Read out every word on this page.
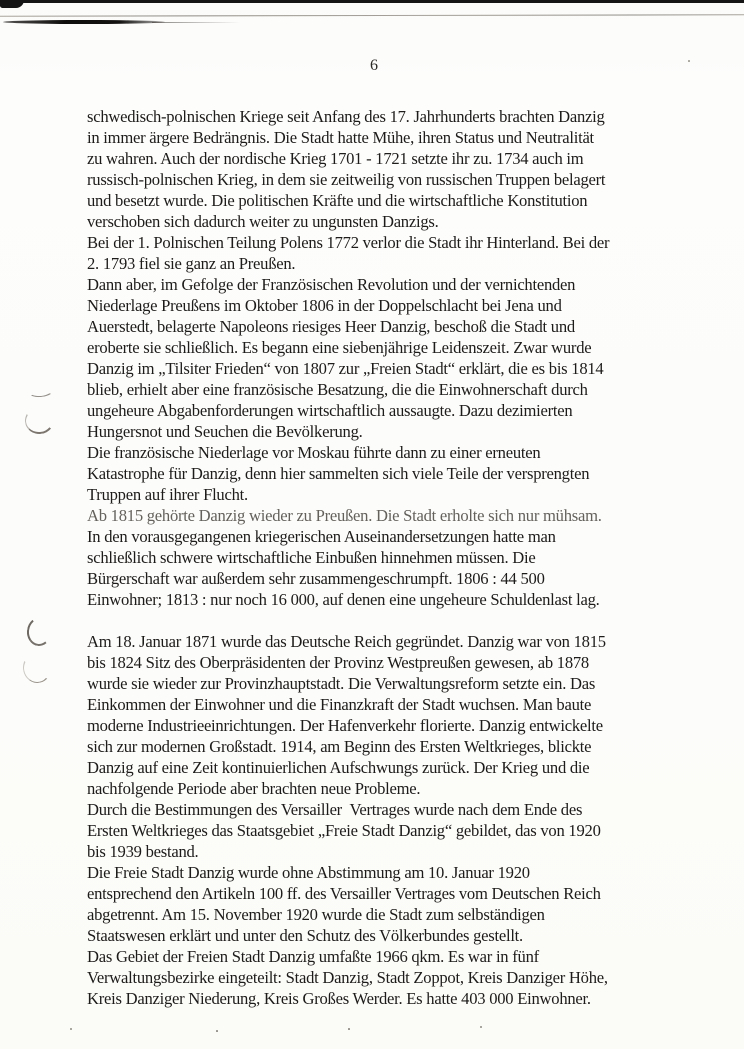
6
schwedisch-polnischen Kriege seit Anfang des 17. Jahrhunderts brachten Danzig
in immer ärgere Bedrängnis. Die Stadt hatte Mühe, ihren Status und Neutralität
zu wahren. Auch der nordische Krieg 1701 - 1721 setzte ihr zu. 1734 auch im
russisch-polnischen Krieg, in dem sie zeitweilig von russischen Truppen belagert
und besetzt wurde. Die politischen Kräfte und die wirtschaftliche Konstitution
verschoben sich dadurch weiter zu ungunsten Danzigs.
Bei der 1. Polnischen Teilung Polens 1772 verlor die Stadt ihr Hinterland. Bei der
2. 1793 fiel sie ganz an Preußen.
Dann aber, im Gefolge der Französischen Revolution und der vernichtenden
Niederlage Preußens im Oktober 1806 in der Doppelschlacht bei Jena und
Auerstedt, belagerte Napoleons riesiges Heer Danzig, beschoß die Stadt und
eroberte sie schließlich. Es begann eine siebenjährige Leidenszeit. Zwar wurde
Danzig im „Tilsiter Frieden“ von 1807 zur „Freien Stadt“ erklärt, die es bis 1814
blieb, erhielt aber eine französische Besatzung, die die Einwohnerschaft durch
ungeheure Abgabenforderungen wirtschaftlich aussaugte. Dazu dezimierten
Hungersnot und Seuchen die Bevölkerung.
Die französische Niederlage vor Moskau führte dann zu einer erneuten
Katastrophe für Danzig, denn hier sammelten sich viele Teile der versprengten
Truppen auf ihrer Flucht.
Ab 1815 gehörte Danzig wieder zu Preußen. Die Stadt erholte sich nur mühsam.
In den vorausgegangenen kriegerischen Auseinandersetzungen hatte man
schließlich schwere wirtschaftliche Einbußen hinnehmen müssen. Die
Bürgerschaft war außerdem sehr zusammengeschrumpft. 1806 : 44 500
Einwohner; 1813 : nur noch 16 000, auf denen eine ungeheure Schuldenlast lag.

Am 18. Januar 1871 wurde das Deutsche Reich gegründet. Danzig war von 1815
bis 1824 Sitz des Oberpräsidenten der Provinz Westpreußen gewesen, ab 1878
wurde sie wieder zur Provinzhauptstadt. Die Verwaltungsreform setzte ein. Das
Einkommen der Einwohner und die Finanzkraft der Stadt wuchsen. Man baute
moderne Industrieeinrichtungen. Der Hafenverkehr florierte. Danzig entwickelte
sich zur modernen Großstadt. 1914, am Beginn des Ersten Weltkrieges, blickte
Danzig auf eine Zeit kontinuierlichen Aufschwungs zurück. Der Krieg und die
nachfolgende Periode aber brachten neue Probleme.
Durch die Bestimmungen des Versailler  Vertrages wurde nach dem Ende des
Ersten Weltkrieges das Staatsgebiet „Freie Stadt Danzig“ gebildet, das von 1920
bis 1939 bestand.
Die Freie Stadt Danzig wurde ohne Abstimmung am 10. Januar 1920
entsprechend den Artikeln 100 ff. des Versailler Vertrages vom Deutschen Reich
abgetrennt. Am 15. November 1920 wurde die Stadt zum selbständigen
Staatswesen erklärt und unter den Schutz des Völkerbundes gestellt.
Das Gebiet der Freien Stadt Danzig umfaßte 1966 qkm. Es war in fünf
Verwaltungsbezirke eingeteilt: Stadt Danzig, Stadt Zoppot, Kreis Danziger Höhe,
Kreis Danziger Niederung, Kreis Großes Werder. Es hatte 403 000 Einwohner.
